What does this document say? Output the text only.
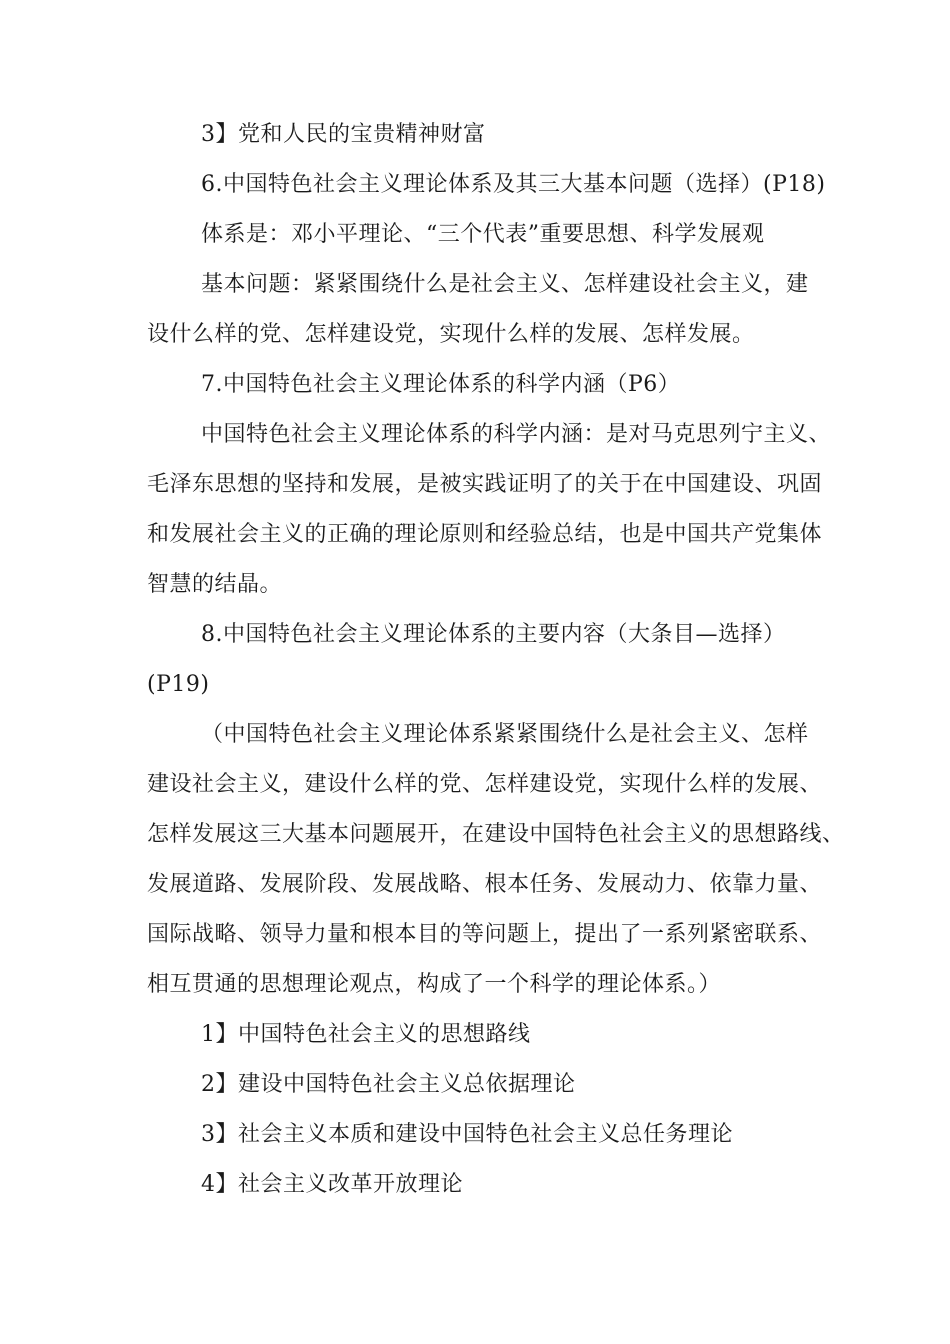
3】党和人民的宝贵精神财富
6.中国特色社会主义理论体系及其三大基本问题（选择）(P18)
体系是：邓小平理论、“三个代表”重要思想、科学发展观
基本问题：紧紧围绕什么是社会主义、怎样建设社会主义，建
设什么样的党、怎样建设党，实现什么样的发展、怎样发展。
7.中国特色社会主义理论体系的科学内涵（P6）
中国特色社会主义理论体系的科学内涵：是对马克思列宁主义、
毛泽东思想的坚持和发展，是被实践证明了的关于在中国建设、巩固
和发展社会主义的正确的理论原则和经验总结，也是中国共产党集体
智慧的结晶。
8.中国特色社会主义理论体系的主要内容（大条目—选择）
(P19)
（中国特色社会主义理论体系紧紧围绕什么是社会主义、怎样
建设社会主义，建设什么样的党、怎样建设党，实现什么样的发展、
怎样发展这三大基本问题展开，在建设中国特色社会主义的思想路线、
发展道路、发展阶段、发展战略、根本任务、发展动力、依靠力量、
国际战略、领导力量和根本目的等问题上，提出了一系列紧密联系、
相互贯通的思想理论观点，构成了一个科学的理论体系。）
1】中国特色社会主义的思想路线
2】建设中国特色社会主义总依据理论
3】社会主义本质和建设中国特色社会主义总任务理论
4】社会主义改革开放理论
